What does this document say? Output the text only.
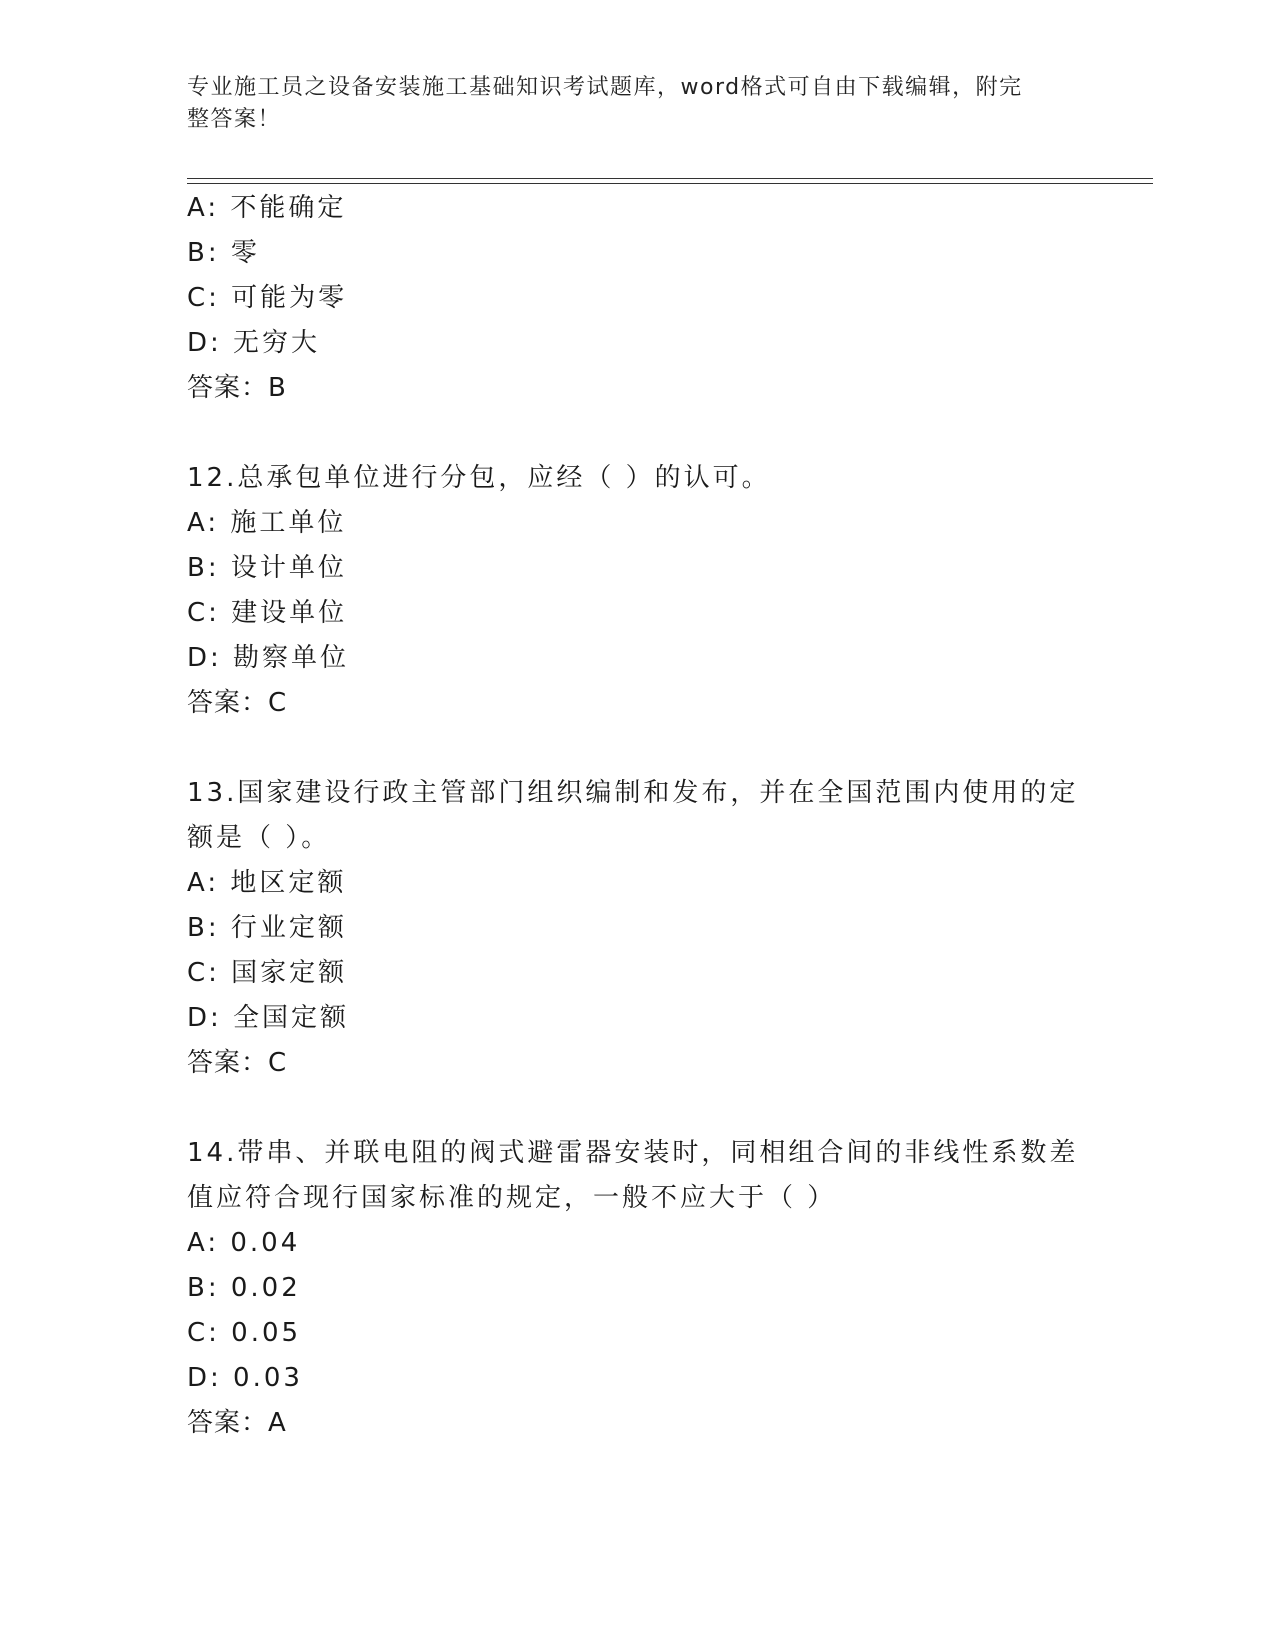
专业施工员之设备安装施工基础知识考试题库，word格式可自由下载编辑，附完
整答案！
A: 不能确定
B: 零
C: 可能为零
D: 无穷大
答案：B
12.总承包单位进行分包，应经（ ）的认可。
A: 施工单位
B: 设计单位
C: 建设单位
D: 勘察单位
答案：C
13.国家建设行政主管部门组织编制和发布，并在全国范围内使用的定
额是（ ）。
A: 地区定额
B: 行业定额
C: 国家定额
D: 全国定额
答案：C
14.带串、并联电阻的阀式避雷器安装时，同相组合间的非线性系数差
值应符合现行国家标准的规定，一般不应大于（ ）
A: 0.04
B: 0.02
C: 0.05
D: 0.03
答案：A
